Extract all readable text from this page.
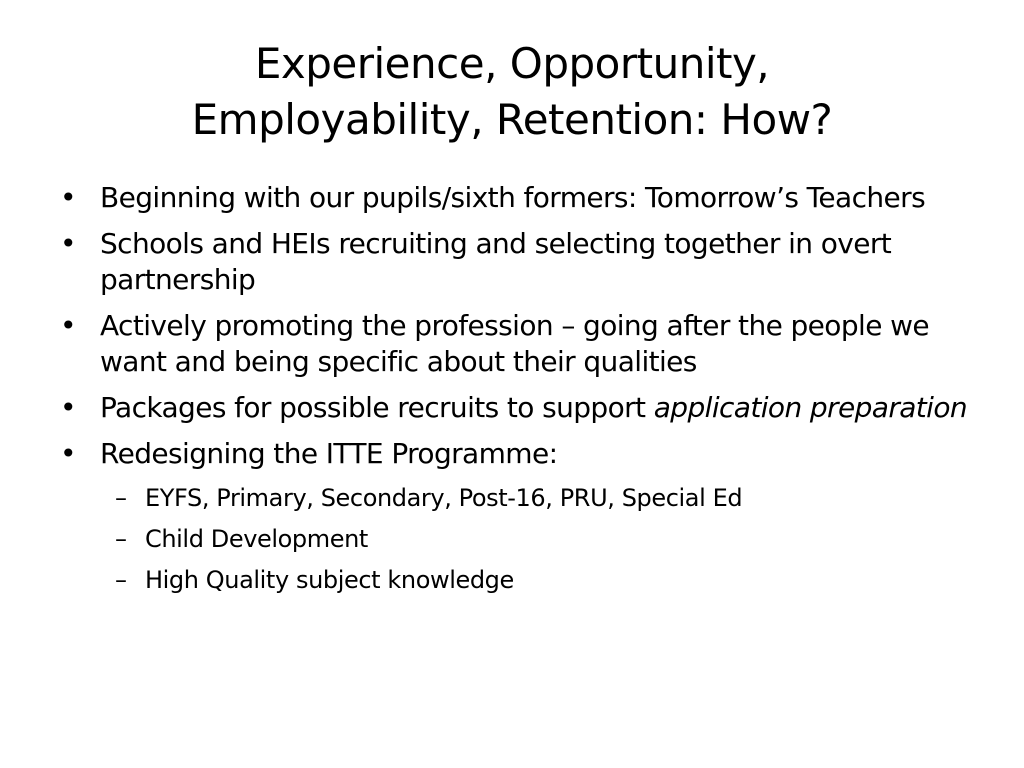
Experience, Opportunity,
Employability, Retention: How?
• Beginning with our pupils/sixth formers: Tomorrow’s Teachers
• Schools and HEIs recruiting and selecting together in overt partnership
• Actively promoting the profession – going after the people we want and being specific about their qualities
• Packages for possible recruits to support application preparation
• Redesigning the ITTE Programme:
– EYFS, Primary, Secondary, Post-16, PRU, Special Ed
– Child Development
– High Quality subject knowledge
